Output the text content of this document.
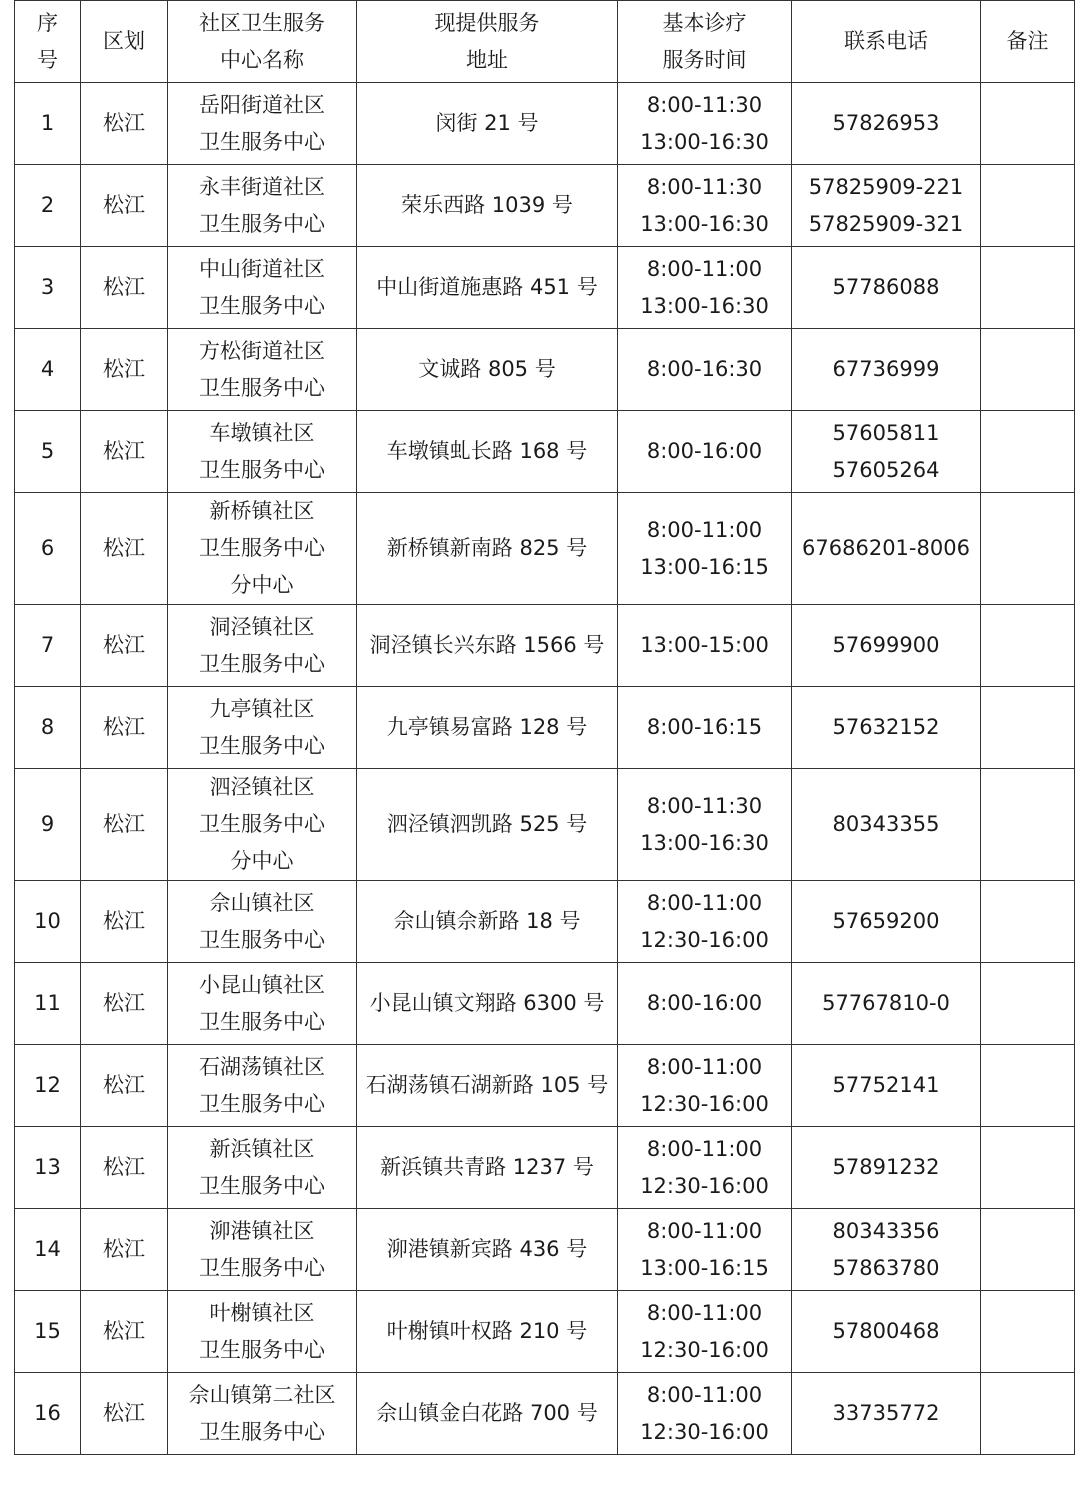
序
号	区划	社区卫生服务
中心名称	现提供服务
地址	基本诊疗
服务时间	联系电话	备注

1	松江	岳阳街道社区
卫生服务中心	闵街 21 号	8:00-11:30
13:00-16:30	57826953	

2	松江	永丰街道社区
卫生服务中心	荣乐西路 1039 号	8:00-11:30
13:00-16:30	57825909-221
57825909-321	

3	松江	中山街道社区
卫生服务中心	中山街道施惠路 451 号	8:00-11:00
13:00-16:30	57786088	

4	松江	方松街道社区
卫生服务中心	文诚路 805 号	8:00-16:30	67736999	

5	松江	车墩镇社区
卫生服务中心	车墩镇虬长路 168 号	8:00-16:00	57605811
57605264	

6	松江	新桥镇社区
卫生服务中心
分中心	新桥镇新南路 825 号	8:00-11:00
13:00-16:15	67686201-8006	

7	松江	洞泾镇社区
卫生服务中心	洞泾镇长兴东路 1566 号	13:00-15:00	57699900	

8	松江	九亭镇社区
卫生服务中心	九亭镇易富路 128 号	8:00-16:15	57632152	

9	松江	泗泾镇社区
卫生服务中心
分中心	泗泾镇泗凯路 525 号	8:00-11:30
13:00-16:30	80343355	

10	松江	佘山镇社区
卫生服务中心	佘山镇佘新路 18 号	8:00-11:00
12:30-16:00	57659200	

11	松江	小昆山镇社区
卫生服务中心	小昆山镇文翔路 6300 号	8:00-16:00	57767810-0	

12	松江	石湖荡镇社区
卫生服务中心	石湖荡镇石湖新路 105 号	8:00-11:00
12:30-16:00	57752141	

13	松江	新浜镇社区
卫生服务中心	新浜镇共青路 1237 号	8:00-11:00
12:30-16:00	57891232	

14	松江	泖港镇社区
卫生服务中心	泖港镇新宾路 436 号	8:00-11:00
13:00-16:15	80343356
57863780	

15	松江	叶榭镇社区
卫生服务中心	叶榭镇叶权路 210 号	8:00-11:00
12:30-16:00	57800468	

16	松江	佘山镇第二社区
卫生服务中心	佘山镇金白花路 700 号	8:00-11:00
12:30-16:00	33735772	
